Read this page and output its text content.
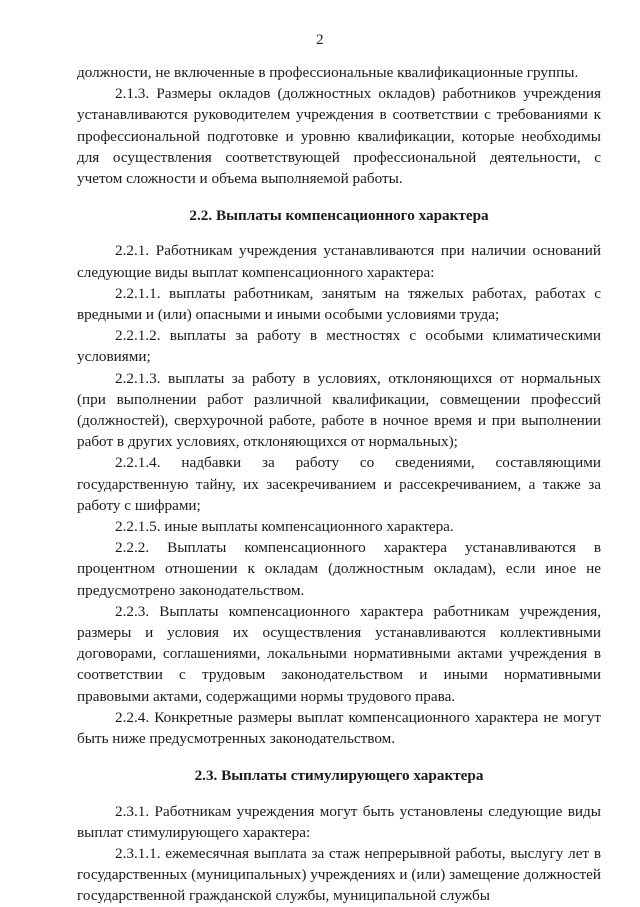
2

должности, не включенные в профессиональные квалификационные группы.

2.1.3. Размеры окладов (должностных окладов) работников учреждения устанавливаются руководителем учреждения в соответствии с требованиями к профессиональной подготовке и уровню квалификации, которые необходимы для осуществления соответствующей профессиональной деятельности, с учетом сложности и объема выполняемой работы.

2.2. Выплаты компенсационного характера

2.2.1. Работникам учреждения устанавливаются при наличии оснований следующие виды выплат компенсационного характера:

2.2.1.1. выплаты работникам, занятым на тяжелых работах, работах с вредными и (или) опасными и иными особыми условиями труда;

2.2.1.2. выплаты за работу в местностях с особыми климатическими условиями;

2.2.1.3. выплаты за работу в условиях, отклоняющихся от нормальных (при выполнении работ различной квалификации, совмещении профессий (должностей), сверхурочной работе, работе в ночное время и при выполнении работ в других условиях, отклоняющихся от нормальных);

2.2.1.4. надбавки за работу со сведениями, составляющими государственную тайну, их засекречиванием и рассекречиванием, а также за работу с шифрами;

2.2.1.5. иные выплаты компенсационного характера.

2.2.2. Выплаты компенсационного характера устанавливаются в процентном отношении к окладам (должностным окладам), если иное не предусмотрено законодательством.

2.2.3. Выплаты компенсационного характера работникам учреждения, размеры и условия их осуществления устанавливаются коллективными договорами, соглашениями, локальными нормативными актами учреждения в соответствии с трудовым законодательством и иными нормативными правовыми актами, содержащими нормы трудового права.

2.2.4. Конкретные размеры выплат компенсационного характера не могут быть ниже предусмотренных законодательством.

2.3. Выплаты стимулирующего характера

2.3.1. Работникам учреждения могут быть установлены следующие виды выплат стимулирующего характера:

2.3.1.1. ежемесячная выплата за стаж непрерывной работы, выслугу лет в государственных (муниципальных) учреждениях и (или) замещение должностей государственной гражданской службы, муниципальной службы
